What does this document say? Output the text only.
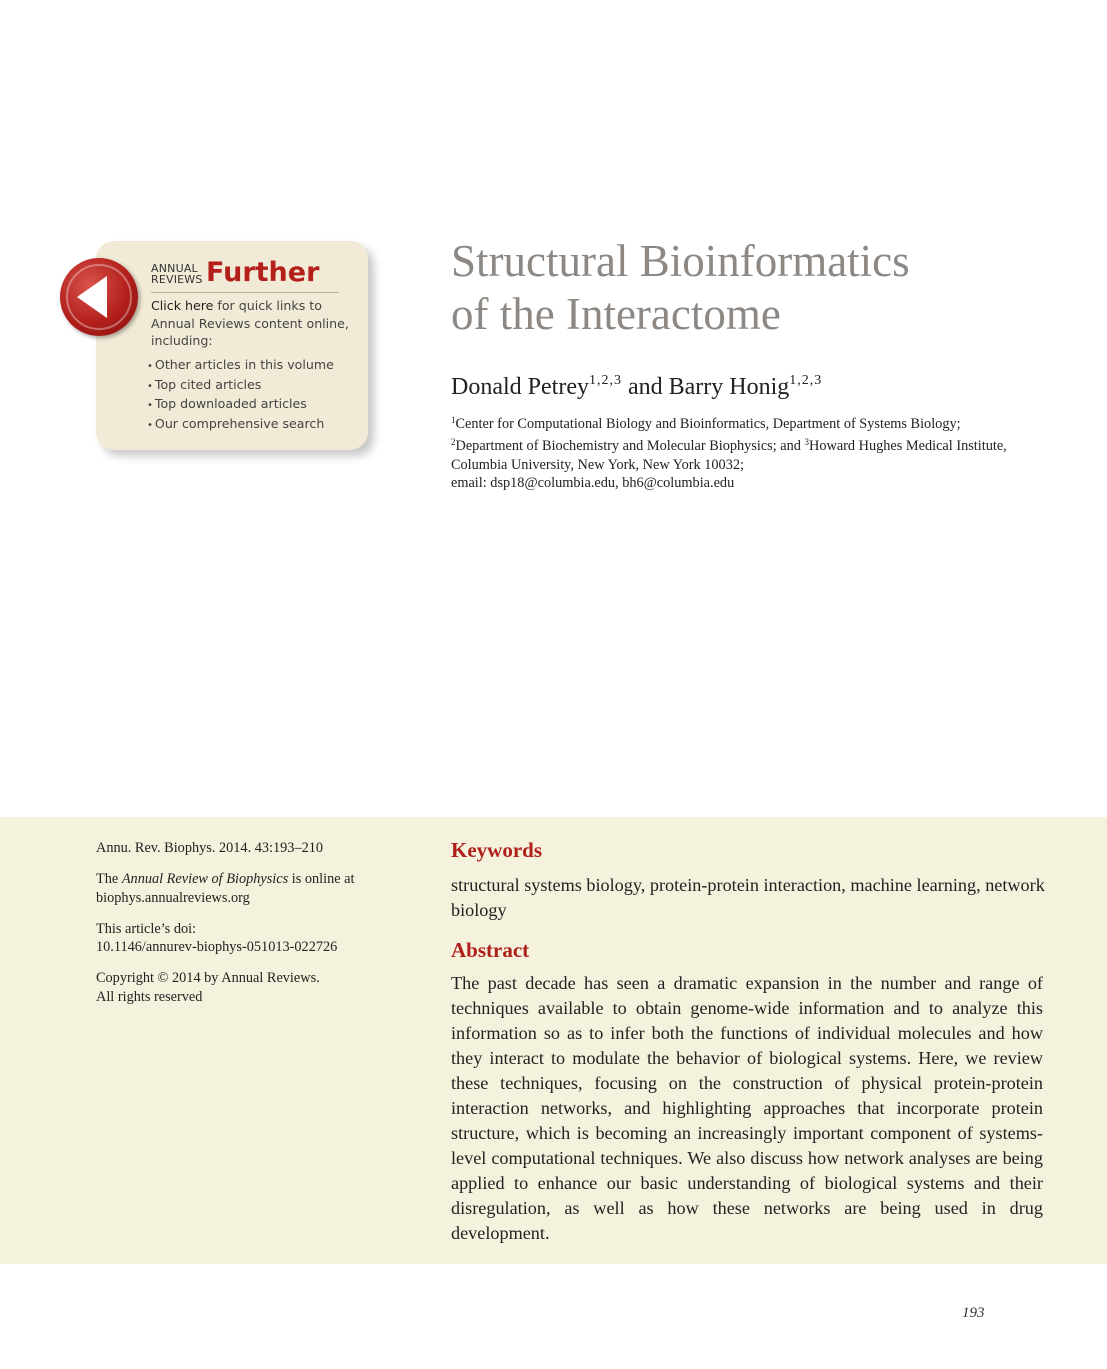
ANNUAL
REVIEWS Further
Click here for quick links to Annual Reviews content online, including:
• Other articles in this volume
• Top cited articles
• Top downloaded articles
• Our comprehensive search
Structural Bioinformatics
of the Interactome
Donald Petrey$^{1,2,3}$ and Barry Honig$^{1,2,3}$
$^1$Center for Computational Biology and Bioinformatics, Department of Systems Biology;
$^2$Department of Biochemistry and Molecular Biophysics; and $^3$Howard Hughes Medical Institute, Columbia University, New York, New York 10032;
email: dsp18@columbia.edu, bh6@columbia.edu

Annu. Rev. Biophys. 2014. 43:193–210

The Annual Review of Biophysics is online at biophys.annualreviews.org

This article’s doi:
10.1146/annurev-biophys-051013-022726

Copyright © 2014 by Annual Reviews.
All rights reserved

Keywords
structural systems biology, protein-protein interaction, machine learning, network biology
Abstract

The past decade has seen a dramatic expansion in the number and range of techniques available to obtain genome-wide information and to analyze this information so as to infer both the functions of individual molecules and how they interact to modulate the behavior of biological systems. Here, we review these techniques, focusing on the construction of physical protein-protein interaction networks, and highlighting approaches that incorporate protein structure, which is becoming an increasingly important component of systems-level computational techniques. We also discuss how network analyses are being applied to enhance our basic understanding of biological systems and their disregulation, as well as how these networks are being used in drug development.

193
